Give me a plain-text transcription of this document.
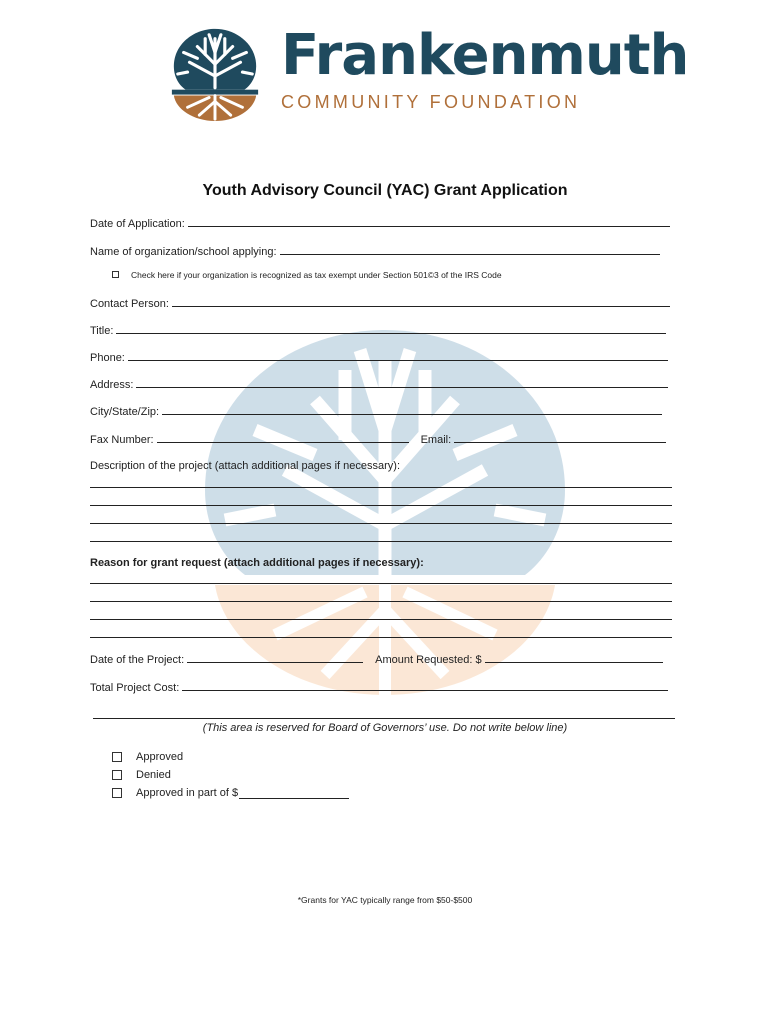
Frankenmuth
COMMUNITY FOUNDATION
Youth Advisory Council (YAC) Grant Application
Date of Application:
Name of organization/school applying:
Check here if your organization is recognized as tax exempt under Section 501©3 of the IRS Code
Contact Person:
Title:
Phone:
Address:
City/State/Zip:
Fax Number:	Email:
Description of the project (attach additional pages if necessary):
Reason for grant request (attach additional pages if necessary):
Date of the Project:	Amount Requested: $
Total Project Cost:
(This area is reserved for Board of Governors’ use. Do not write below line)
Approved
Denied
Approved in part of $
*Grants for YAC typically range from $50-$500
